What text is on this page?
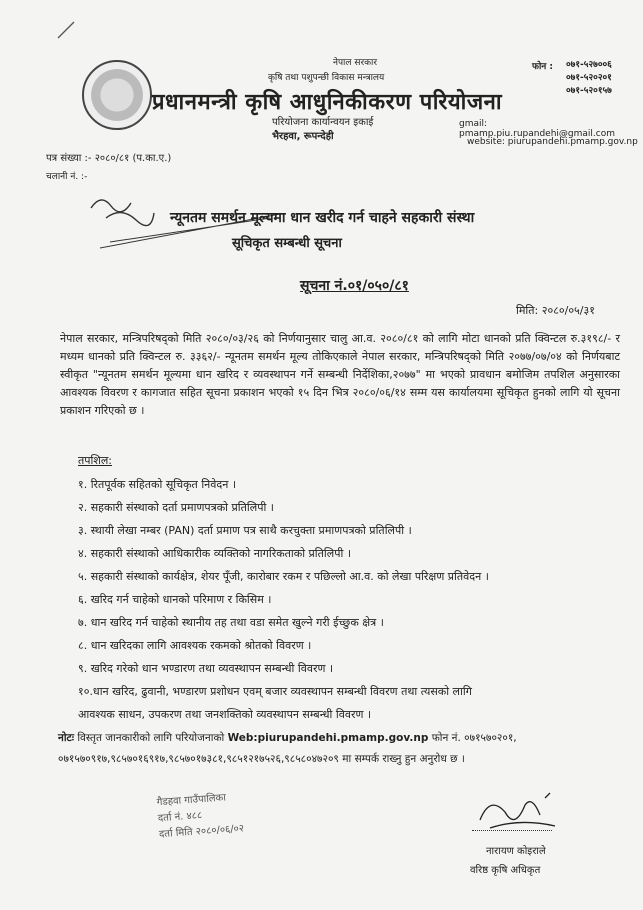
नेपाल सरकार
कृषि तथा पशुपन्छी विकास मन्त्रालय
प्रधानमन्त्री कृषि आधुनिकीकरण परियोजना
परियोजना कार्यान्वयन इकाई
भैरहवा, रूपन्देही
फोन : ०७१-५२७००६
०७१-५२०२०१
०७१-५२०१५७
gmail: pmamp.piu.rupandehi@gmail.com
website: piurupandehi.pmamp.gov.np
पत्र संख्या :- २०८०/८१ (प.का.ए.)
चलानी नं. :-
न्यूनतम समर्थन मूल्यमा धान खरीद गर्न चाहने सहकारी संस्था
सूचिकृत सम्बन्धी सूचना
सूचना नं.०१/०५०/८१
मिति: २०८०/०५/३१
नेपाल सरकार, मन्त्रिपरिषद्को मिति २०८०/०३/२६ को निर्णयानुसार चालु आ.व. २०८०/८१ को लागि मोटा धानको प्रति क्विन्टल रु.३१९८/- र मध्यम धानको प्रति क्विन्टल रु. ३३६२/- न्यूनतम समर्थन मूल्य तोकिएकाले नेपाल सरकार, मन्त्रिपरिषद्को मिति २०७७/०७/०४ को निर्णयबाट स्वीकृत "न्यूनतम समर्थन मूल्यमा धान खरिद र व्यवस्थापन गर्ने सम्बन्धी निर्देशिका,२०७७" मा भएको प्रावधान बमोजिम तपशिल अनुसारका आवश्यक विवरण र कागजात सहित सूचना प्रकाशन भएको १५ दिन भित्र २०८०/०६/१४ सम्म यस कार्यालयमा सूचिकृत हुनको लागि यो सूचना प्रकाशन गरिएको छ ।
तपशिल:
१. रितपूर्वक सहितको सूचिकृत निवेदन ।
२. सहकारी संस्थाको दर्ता प्रमाणपत्रको प्रतिलिपी ।
३. स्थायी लेखा नम्बर (PAN) दर्ता प्रमाण पत्र साथै करचुक्ता प्रमाणपत्रको प्रतिलिपी ।
४. सहकारी संस्थाको आधिकारीक व्यक्तिको नागरिकताको प्रतिलिपी ।
५. सहकारी संस्थाको कार्यक्षेत्र, शेयर पूँजी, कारोबार रकम र पछिल्लो आ.व. को लेखा परिक्षण प्रतिवेदन ।
६. खरिद गर्न चाहेको धानको परिमाण र किसिम ।
७. धान खरिद गर्न चाहेको स्थानीय तह तथा वडा समेत खुल्ने गरी ईच्छुक क्षेत्र ।
८. धान खरिदका लागि आवश्यक रकमको श्रोतको विवरण ।
९. खरिद गरेको धान भण्डारण तथा व्यवस्थापन सम्बन्धी विवरण ।
१०.धान खरिद, ढुवानी, भण्डारण प्रशोधन एवम् बजार व्यवस्थापन सम्बन्धी विवरण तथा त्यसको लागि
आवश्यक साधन, उपकरण तथा जनशक्तिको व्यवस्थापन सम्बन्धी विवरण ।
नोटः विस्तृत जानकारीको लागि परियोजनाको Web:piurupandehi.pmamp.gov.np फोन नं. ०७१५७०२०१,
०७१५७०९१७,९८५७०१६९१७,९८५७०१७३८१,९८५१२१७५२६,९८५८०४७२०९ मा सम्पर्क राख्नु हुन अनुरोध छ ।
गैडहवा गाउँपालिका
दर्ता नं. ४८८
दर्ता मिति २०८०/०६/०२
नारायण कोइराले
वरिष्ठ कृषि अधिकृत
